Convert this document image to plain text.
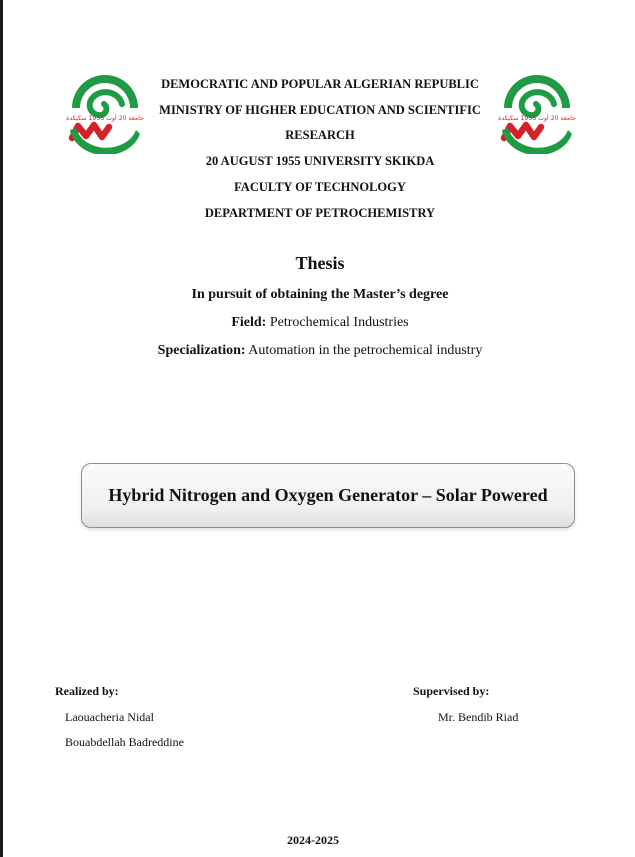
جامعة 20 أوت 1955 سكيكدة	جامعة 20 أوت 1955 سكيكدة
DEMOCRATIC AND POPULAR ALGERIAN REPUBLIC
MINISTRY OF HIGHER EDUCATION AND SCIENTIFIC
RESEARCH
20 AUGUST 1955 UNIVERSITY SKIKDA
FACULTY OF TECHNOLOGY
DEPARTMENT OF PETROCHEMISTRY
Thesis
In pursuit of obtaining the Master’s degree
Field: Petrochemical Industries
Specialization: Automation in the petrochemical industry
Hybrid Nitrogen and Oxygen Generator – Solar Powered
Realized by:
Laouacheria Nidal
Bouabdellah Badreddine
Supervised by:
Mr. Bendib Riad
2024-2025
